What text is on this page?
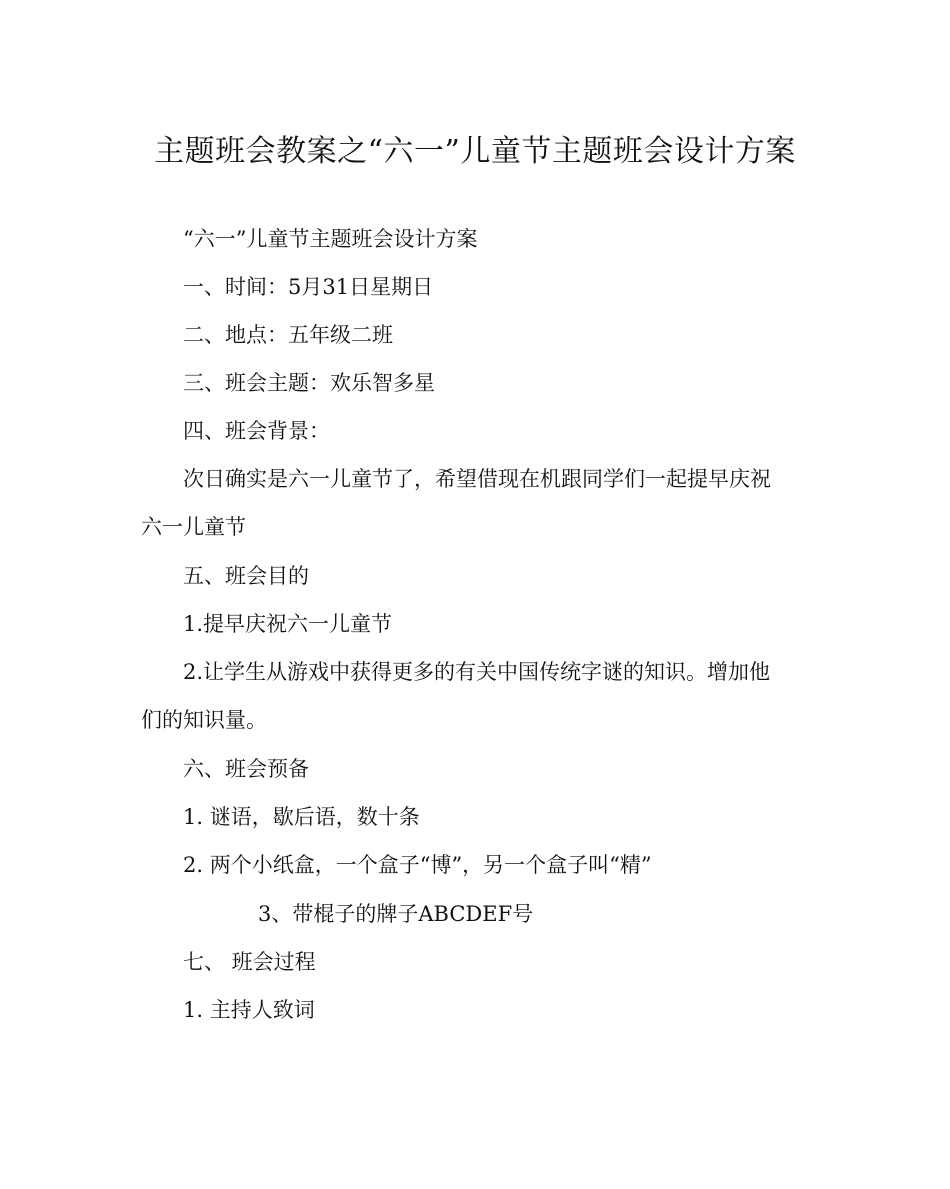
主题班会教案之“六一”儿童节主题班会设计方案
“六一”儿童节主题班会设计方案
一、时间：5月31日星期日
二、地点：五年级二班
三、班会主题：欢乐智多星
四、班会背景：
次日确实是六一儿童节了，希望借现在机跟同学们一起提早庆祝
六一儿童节
五、班会目的
1.提早庆祝六一儿童节
2.让学生从游戏中获得更多的有关中国传统字谜的知识。增加他
们的知识量。
六、班会预备
1. 谜语，歇后语，数十条
2. 两个小纸盒，一个盒子“博”，另一个盒子叫“精”
3、带棍子的牌子ABCDEF号
七、 班会过程
1. 主持人致词
